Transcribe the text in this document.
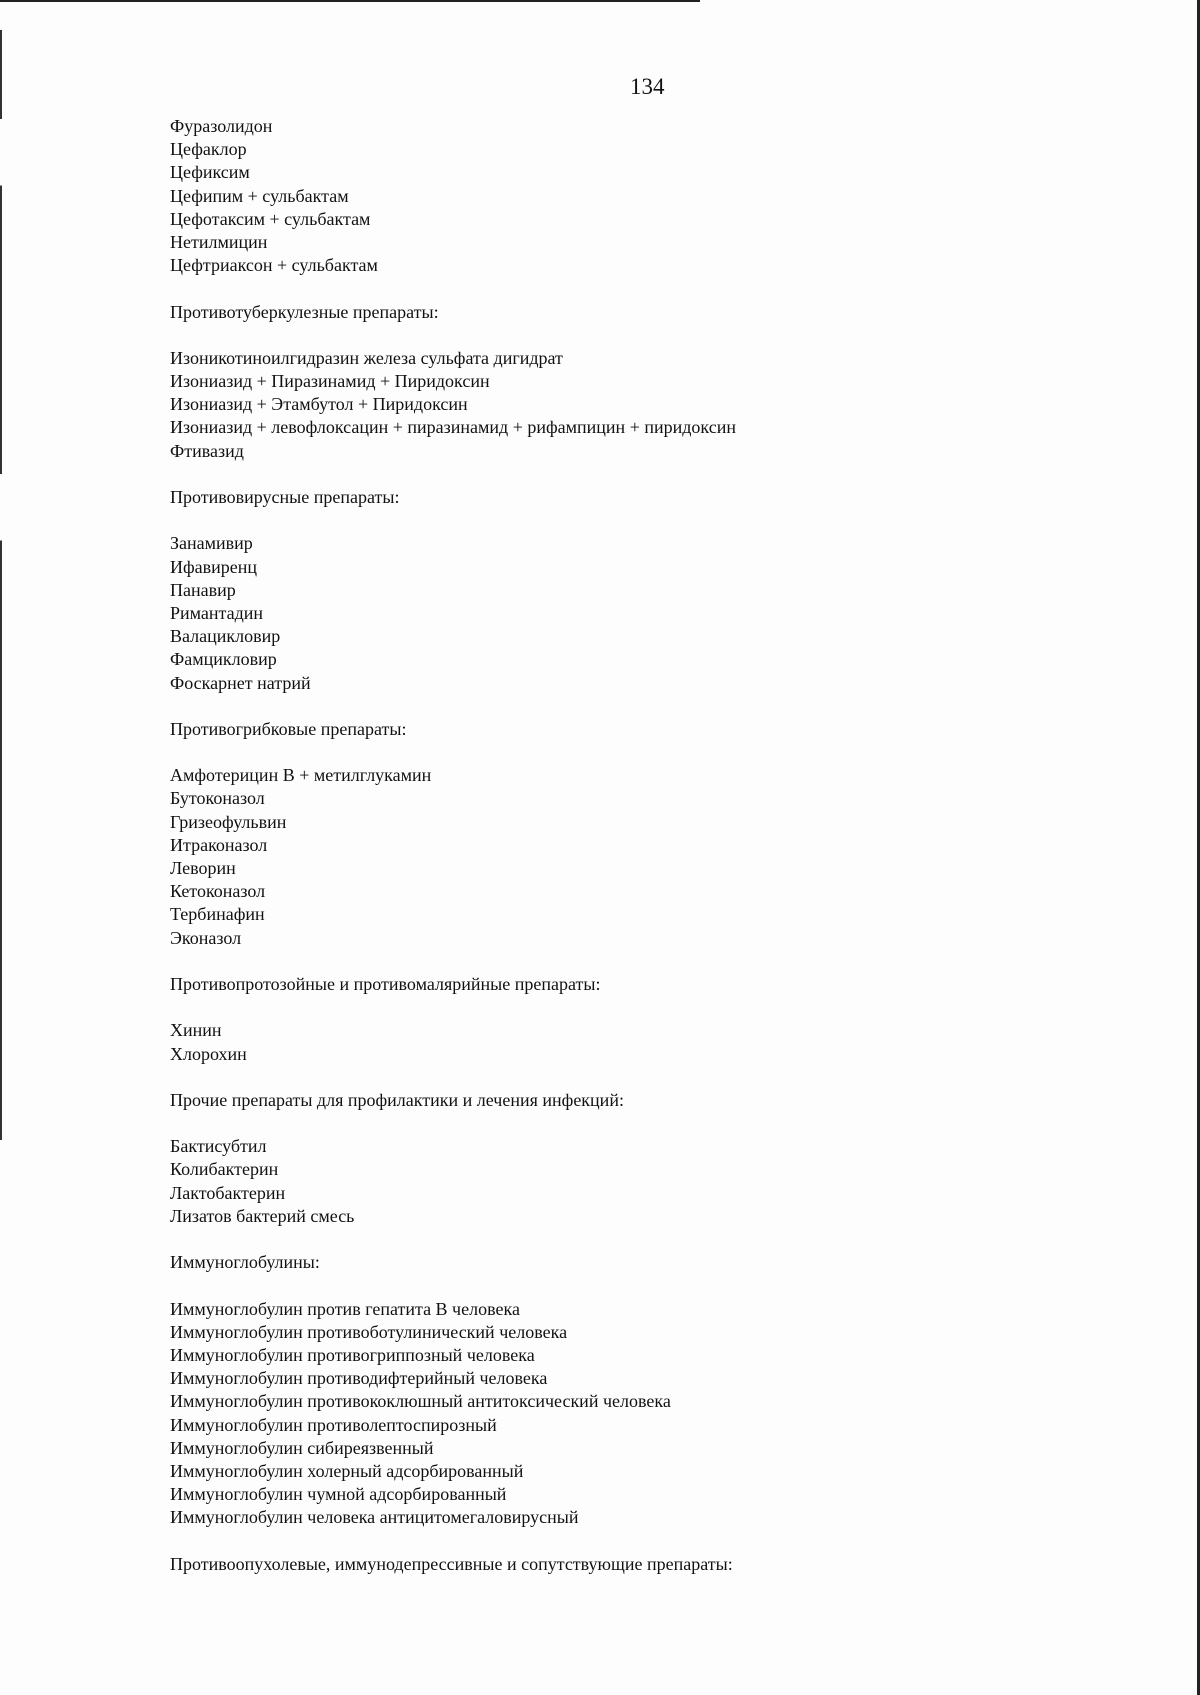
134
Фуразолидон
Цефаклор
Цефиксим
Цефипим + сульбактам
Цефотаксим + сульбактам
Нетилмицин
Цефтриаксон + сульбактам
Противотуберкулезные препараты:
Изоникотиноилгидразин железа сульфата дигидрат
Изониазид + Пиразинамид + Пиридоксин
Изониазид + Этамбутол + Пиридоксин
Изониазид + левофлоксацин + пиразинамид + рифампицин + пиридоксин
Фтивазид
Противовирусные препараты:
Занамивир
Ифавиренц
Панавир
Римантадин
Валацикловир
Фамцикловир
Фоскарнет натрий
Противогрибковые препараты:
Амфотерицин В + метилглукамин
Бутоконазол
Гризеофульвин
Итраконазол
Леворин
Кетоконазол
Тербинафин
Эконазол
Противопротозойные и противомалярийные препараты:
Хинин
Хлорохин
Прочие препараты для профилактики и лечения инфекций:
Бактисубтил
Колибактерин
Лактобактерин
Лизатов бактерий смесь
Иммуноглобулины:
Иммуноглобулин против гепатита В человека
Иммуноглобулин противоботулинический человека
Иммуноглобулин противогриппозный человека
Иммуноглобулин противодифтерийный человека
Иммуноглобулин противококлюшный антитоксический человека
Иммуноглобулин противолептоспирозный
Иммуноглобулин сибиреязвенный
Иммуноглобулин холерный адсорбированный
Иммуноглобулин чумной адсорбированный
Иммуноглобулин человека антицитомегаловирусный
Противоопухолевые, иммунодепрессивные и сопутствующие препараты:
